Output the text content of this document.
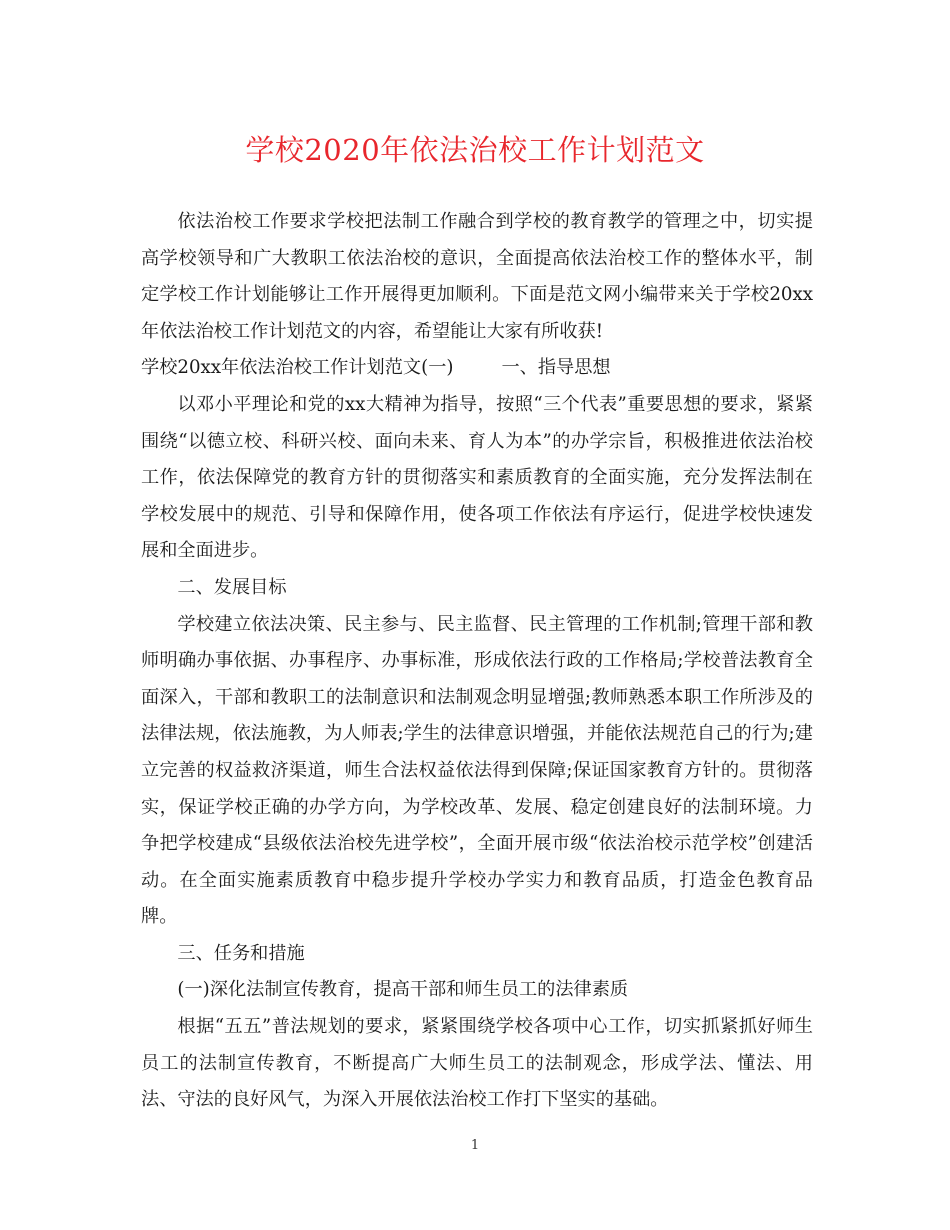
学校2020年依法治校工作计划范文

依法治校工作要求学校把法制工作融合到学校的教育教学的管理之中，切实提高学校领导和广大教职工依法治校的意识，全面提高依法治校工作的整体水平，制定学校工作计划能够让工作开展得更加顺利。下面是范文网小编带来关于学校20xx年依法治校工作计划范文的内容，希望能让大家有所收获!

学校20xx年依法治校工作计划范文(一)	一、指导思想

以邓小平理论和党的xx大精神为指导，按照“三个代表”重要思想的要求，紧紧围绕“以德立校、科研兴校、面向未来、育人为本”的办学宗旨，积极推进依法治校工作，依法保障党的教育方针的贯彻落实和素质教育的全面实施，充分发挥法制在学校发展中的规范、引导和保障作用，使各项工作依法有序运行，促进学校快速发展和全面进步。

二、发展目标

学校建立依法决策、民主参与、民主监督、民主管理的工作机制;管理干部和教师明确办事依据、办事程序、办事标准，形成依法行政的工作格局;学校普法教育全面深入，干部和教职工的法制意识和法制观念明显增强;教师熟悉本职工作所涉及的法律法规，依法施教，为人师表;学生的法律意识增强，并能依法规范自己的行为;建立完善的权益救济渠道，师生合法权益依法得到保障;保证国家教育方针的。贯彻落实，保证学校正确的办学方向，为学校改革、发展、稳定创建良好的法制环境。力争把学校建成“县级依法治校先进学校”，全面开展市级“依法治校示范学校”创建活动。在全面实施素质教育中稳步提升学校办学实力和教育品质，打造金色教育品牌。

三、任务和措施

(一)深化法制宣传教育，提高干部和师生员工的法律素质

根据“五五”普法规划的要求，紧紧围绕学校各项中心工作，切实抓紧抓好师生员工的法制宣传教育，不断提高广大师生员工的法制观念，形成学法、懂法、用法、守法的良好风气，为深入开展依法治校工作打下坚实的基础。

1
